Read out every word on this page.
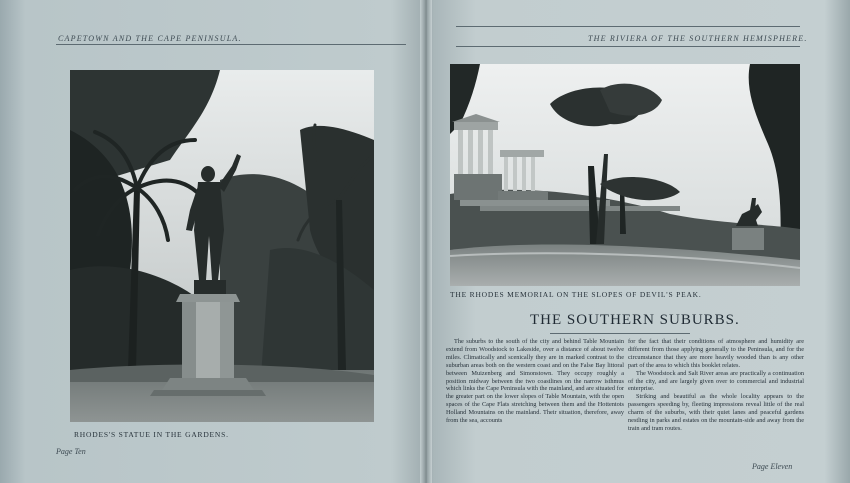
CAPETOWN AND THE CAPE PENINSULA.
RHODES'S STATUE IN THE GARDENS.
Page Ten
THE RIVIERA OF THE SOUTHERN HEMISPHERE.
THE RHODES MEMORIAL ON THE SLOPES OF DEVIL'S PEAK.
THE SOUTHERN SUBURBS.

The suburbs to the south of the city and behind Table Mountain extend from Woodstock to Lakeside, over a distance of about twelve miles. Climatically and scenically they are in marked contrast to the suburban areas both on the western coast and on the False Bay littoral between Muizenberg and Simonstown. They occupy roughly a position midway between the two coastlines on the narrow isthmus which links the Cape Peninsula with the mainland, and are situated for the greater part on the lower slopes of Table Mountain, with the open spaces of the Cape Flats stretching between them and the Hottentots Holland Mountains on the mainland. Their situation, therefore, away from the sea, accounts

for the fact that their conditions of atmosphere and humidity are different from those applying generally to the Peninsula, and for the circumstance that they are more heavily wooded than is any other part of the area to which this booklet relates.

The Woodstock and Salt River areas are practically a continuation of the city, and are largely given over to commercial and industrial enterprise.

Striking and beautiful as the whole locality appears to the passengers speeding by, fleeting impressions reveal little of the real charm of the suburbs, with their quiet lanes and peaceful gardens nestling in parks and estates on the mountain-side and away from the train and tram routes.

Page Eleven
